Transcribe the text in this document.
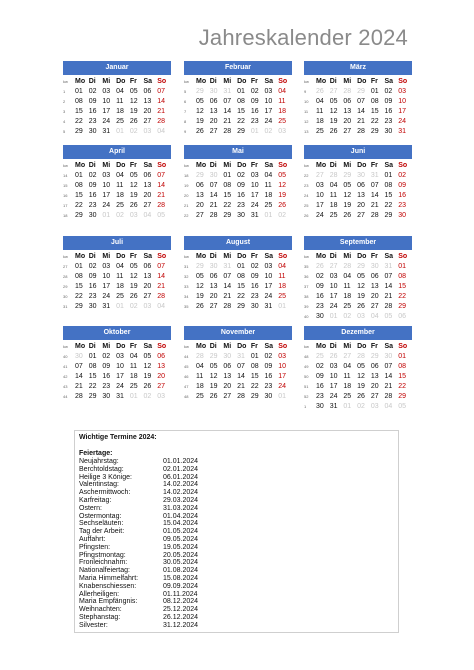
Jahreskalender 2024
Januar
kw	Mo	Di	Mi	Do	Fr	Sa	So
1	01	02	03	04	05	06	07
2	08	09	10	11	12	13	14
3	15	16	17	18	19	20	21
4	22	23	24	25	26	27	28
5	29	30	31	01	02	03	04
Februar
kw	Mo	Di	Mi	Do	Fr	Sa	So
5	29	30	31	01	02	03	04
6	05	06	07	08	09	10	11
7	12	13	14	15	16	17	18
8	19	20	21	22	23	24	25
9	26	27	28	29	01	02	03
März
kw	Mo	Di	Mi	Do	Fr	Sa	So
9	26	27	28	29	01	02	03
10	04	05	06	07	08	09	10
11	11	12	13	14	15	16	17
12	18	19	20	21	22	23	24
13	25	26	27	28	29	30	31
April
kw	Mo	Di	Mi	Do	Fr	Sa	So
14	01	02	03	04	05	06	07
15	08	09	10	11	12	13	14
16	15	16	17	18	19	20	21
17	22	23	24	25	26	27	28
18	29	30	01	02	03	04	05
Mai
kw	Mo	Di	Mi	Do	Fr	Sa	So
18	29	30	01	02	03	04	05
19	06	07	08	09	10	11	12
20	13	14	15	16	17	18	19
21	20	21	22	23	24	25	26
22	27	28	29	30	31	01	02
Juni
kw	Mo	Di	Mi	Do	Fr	Sa	So
22	27	28	29	30	31	01	02
23	03	04	05	06	07	08	09
24	10	11	12	13	14	15	16
25	17	18	19	20	21	22	23
26	24	25	26	27	28	29	30
Juli
kw	Mo	Di	Mi	Do	Fr	Sa	So
27	01	02	03	04	05	06	07
28	08	09	10	11	12	13	14
29	15	16	17	18	19	20	21
30	22	23	24	25	26	27	28
31	29	30	31	01	02	03	04
August
kw	Mo	Di	Mi	Do	Fr	Sa	So
31	29	30	31	01	02	03	04
32	05	06	07	08	09	10	11
33	12	13	14	15	16	17	18
34	19	20	21	22	23	24	25
35	26	27	28	29	30	31	01
September
kw	Mo	Di	Mi	Do	Fr	Sa	So
35	26	27	28	29	30	31	01
36	02	03	04	05	06	07	08
37	09	10	11	12	13	14	15
38	16	17	18	19	20	21	22
39	23	24	25	26	27	28	29
40	30	01	02	03	04	05	06
Oktober
kw	Mo	Di	Mi	Do	Fr	Sa	So
40	30	01	02	03	04	05	06
41	07	08	09	10	11	12	13
42	14	15	16	17	18	19	20
43	21	22	23	24	25	26	27
44	28	29	30	31	01	02	03
November
kw	Mo	Di	Mi	Do	Fr	Sa	So
44	28	29	30	31	01	02	03
45	04	05	06	07	08	09	10
46	11	12	13	14	15	16	17
47	18	19	20	21	22	23	24
48	25	26	27	28	29	30	01
Dezember
kw	Mo	Di	Mi	Do	Fr	Sa	So
48	25	26	27	28	29	30	01
49	02	03	04	05	06	07	08
50	09	10	11	12	13	14	15
51	16	17	18	19	20	21	22
52	23	24	25	26	27	28	29
1	30	31	01	02	03	04	05
Wichtige Termine 2024:
Feiertage:
Neujahrstag:	01.01.2024
Berchtoldstag:	02.01.2024
Heilige 3 Könige:	06.01.2024
Valentinstag:	14.02.2024
Aschermittwoch:	14.02.2024
Karfreitag:	29.03.2024
Ostern:	31.03.2024
Ostermontag:	01.04.2024
Sechseläuten:	15.04.2024
Tag der Arbeit:	01.05.2024
Auffahrt:	09.05.2024
Pfingsten:	19.05.2024
Pfingstmontag:	20.05.2024
Fronleichnahm:	30.05.2024
Nationalfeiertag:	01.08.2024
Maria Himmelfahrt:	15.08.2024
Knabenschiessen:	09.09.2024
Allerheiligen:	01.11.2024
Maria Empfängnis:	08.12.2024
Weihnachten:	25.12.2024
Stephanstag:	26.12.2024
Silvester:	31.12.2024
